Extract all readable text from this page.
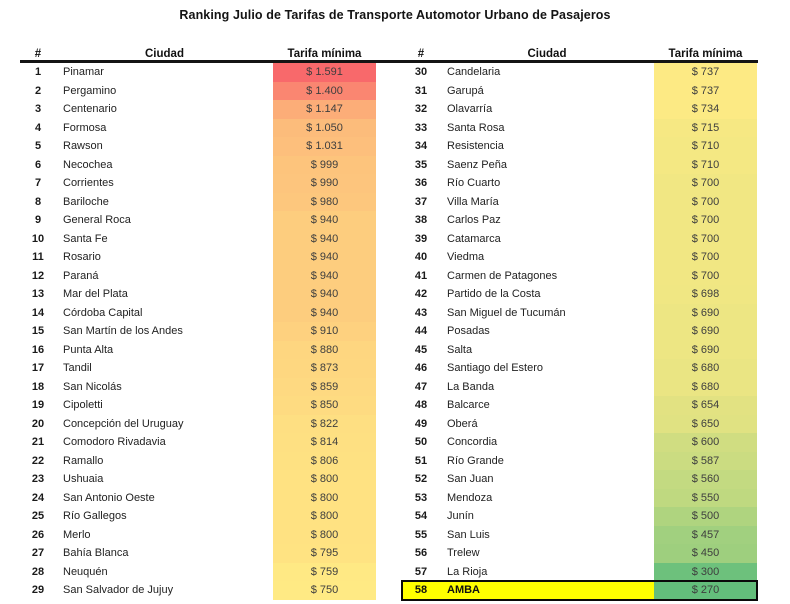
Ranking Julio de Tarifas de Transporte Automotor Urbano de Pasajeros
#	Ciudad	Tarifa mínima
1	Pinamar	$ 1.591
2	Pergamino	$ 1.400
3	Centenario	$ 1.147
4	Formosa	$ 1.050
5	Rawson	$ 1.031
6	Necochea	$ 999
7	Corrientes	$ 990
8	Bariloche	$ 980
9	General Roca	$ 940
10	Santa Fe	$ 940
11	Rosario	$ 940
12	Paraná	$ 940
13	Mar del Plata	$ 940
14	Córdoba Capital	$ 940
15	San Martín de los Andes	$ 910
16	Punta Alta	$ 880
17	Tandil	$ 873
18	San Nicolás	$ 859
19	Cipoletti	$ 850
20	Concepción del Uruguay	$ 822
21	Comodoro Rivadavia	$ 814
22	Ramallo	$ 806
23	Ushuaia	$ 800
24	San Antonio Oeste	$ 800
25	Río Gallegos	$ 800
26	Merlo	$ 800
27	Bahía Blanca	$ 795
28	Neuquén	$ 759
29	San Salvador de Jujuy	$ 750
#	Ciudad	Tarifa mínima
30	Candelaria	$ 737
31	Garupá	$ 737
32	Olavarría	$ 734
33	Santa Rosa	$ 715
34	Resistencia	$ 710
35	Saenz Peña	$ 710
36	Río Cuarto	$ 700
37	Villa María	$ 700
38	Carlos Paz	$ 700
39	Catamarca	$ 700
40	Viedma	$ 700
41	Carmen de Patagones	$ 700
42	Partido de la Costa	$ 698
43	San Miguel de Tucumán	$ 690
44	Posadas	$ 690
45	Salta	$ 690
46	Santiago del Estero	$ 680
47	La Banda	$ 680
48	Balcarce	$ 654
49	Oberá	$ 650
50	Concordia	$ 600
51	Río Grande	$ 587
52	San Juan	$ 560
53	Mendoza	$ 550
54	Junín	$ 500
55	San Luis	$ 457
56	Trelew	$ 450
57	La Rioja	$ 300
58	AMBA	$ 270
